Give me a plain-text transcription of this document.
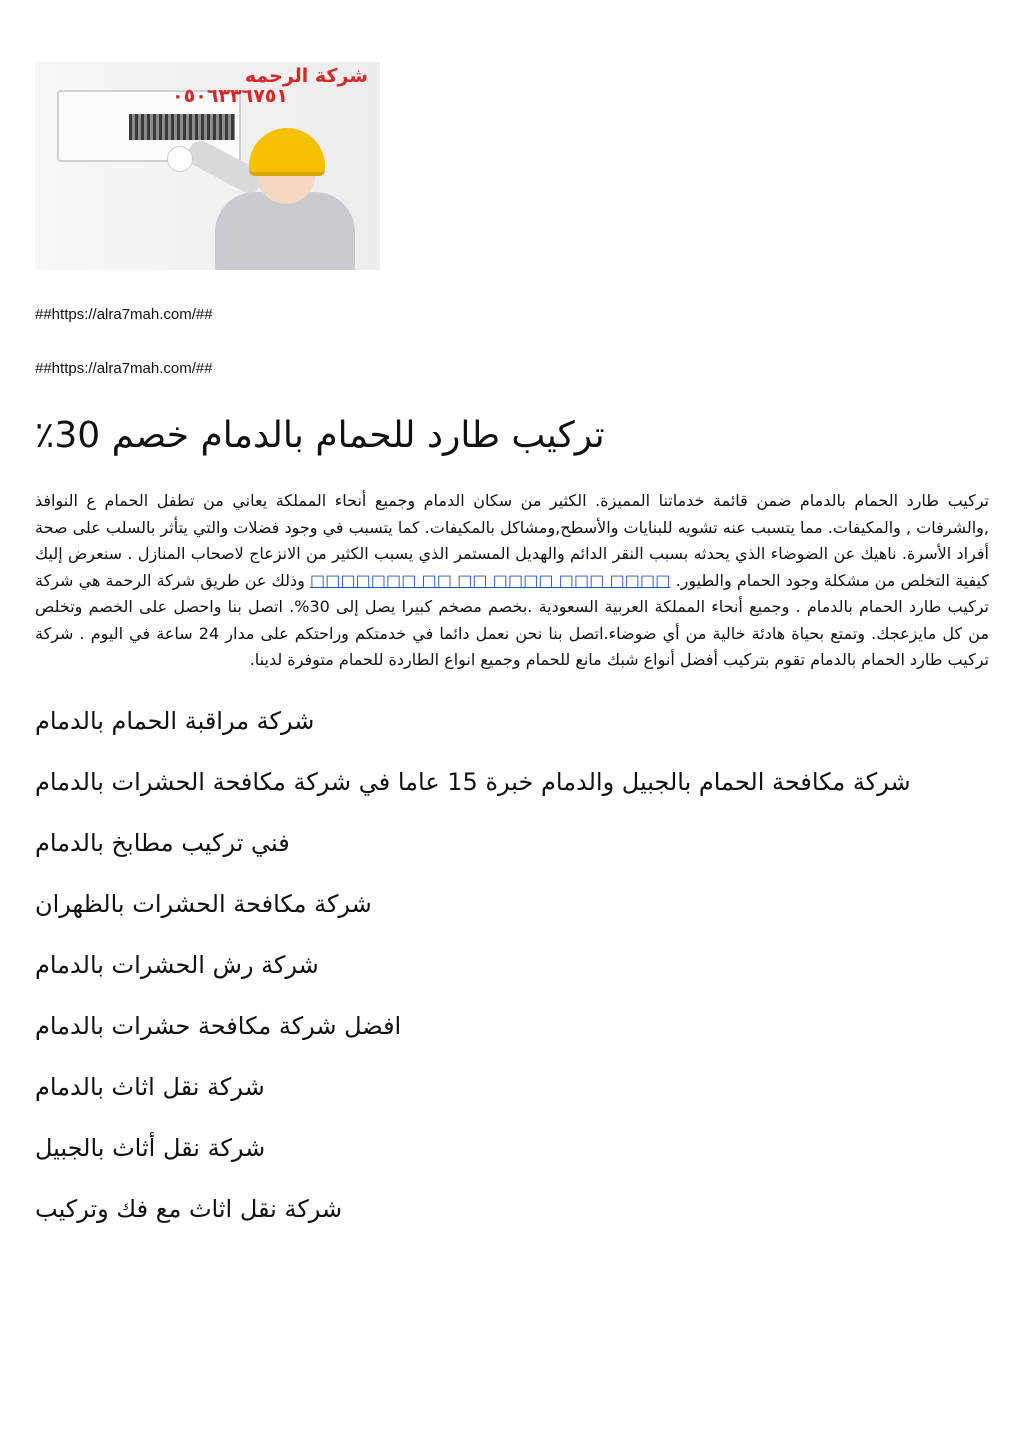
شركة الرحمه
٠٥٠٦٣٣٦٧٥١

##https://alra7mah.com/##

##https://alra7mah.com/##

تركيب طارد للحمام بالدمام خصم 30٪

تركيب طارد الحمام بالدمام ضمن قائمة خدماتنا المميزة. الكثير من سكان الدمام وجميع أنحاء المملكة يعاني من تطفل الحمام ع النوافذ ,والشرفات , والمكيفات. مما يتسبب عنه تشويه للبنايات والأسطح,ومشاكل بالمكيفات. كما يتسبب في وجود فضلات والتي يتأثر بالسلب على صحة أفراد الأسرة. ناهيك عن الضوضاء الذي يحدثه بسبب النقر الدائم والهديل المستمر الذي يسبب الكثير من الانزعاج لاصحاب المنازل . سنعرض إليك كيفية التخلص من مشكلة وجود الحمام والطيور. □□□□ □□□ □□□□ □□ □□ □□□□□□□ وذلك عن طريق شركة الرحمة هي شركة تركيب طارد الحمام بالدمام . وجميع أنحاء المملكة العربية السعودية .بخصم مصخم كبيرا يصل إلى 30%. اتصل بنا واحصل على الخصم وتخلص من كل مايزعجك. وتمتع بحياة هادئة خالية من أي ضوضاء.اتصل بنا نحن نعمل دائما في خدمتكم وراحتكم على مدار 24 ساعة في اليوم . شركة تركيب طارد الحمام بالدمام تقوم بتركيب أفضل أنواع شبك مانع للحمام وجميع انواع الطاردة للحمام متوفرة لدينا.

شركة مراقبة الحمام بالدمام
شركة مكافحة الحمام بالجبيل والدمام خبرة 15 عاما في شركة مكافحة الحشرات بالدمام
فني تركيب مطابخ بالدمام
شركة مكافحة الحشرات بالظهران
شركة رش الحشرات بالدمام
افضل شركة مكافحة حشرات بالدمام
شركة نقل اثاث بالدمام
شركة نقل أثاث بالجبيل
شركة نقل اثاث مع فك وتركيب
